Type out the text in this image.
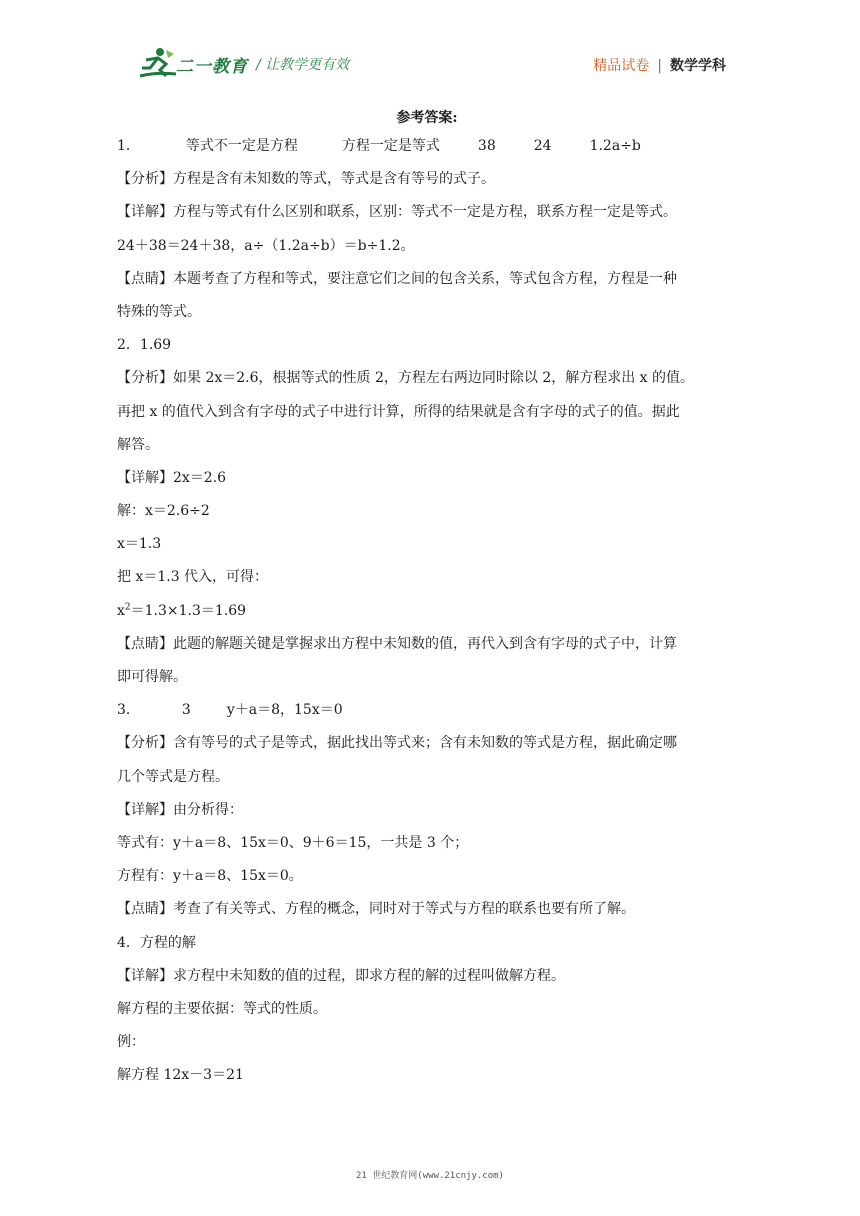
二一教育 / 让教学更有效	精品试卷 | 数学学科
参考答案:
1．	等式不一定是方程	方程一定是等式	38	24	1.2a÷b
【分析】方程是含有未知数的等式，等式是含有等号的式子。
【详解】方程与等式有什么区别和联系，区别：等式不一定是方程，联系方程一定是等式。
24＋38＝24＋38，a÷（1.2a÷b）＝b÷1.2。
【点睛】本题考查了方程和等式，要注意它们之间的包含关系，等式包含方程，方程是一种
特殊的等式。
2．1.69
【分析】如果 2x＝2.6，根据等式的性质 2，方程左右两边同时除以 2，解方程求出 x 的值。
再把 x 的值代入到含有字母的式子中进行计算，所得的结果就是含有字母的式子的值。据此
解答。
【详解】2x＝2.6
解：x＝2.6÷2
x＝1.3
把 x＝1.3 代入，可得：
$x^2=1.3\times 1.3=1.69$
【点睛】此题的解题关键是掌握求出方程中未知数的值，再代入到含有字母的式子中，计算
即可得解。
3．	3	y＋a＝8，15x＝0
【分析】含有等号的式子是等式，据此找出等式来；含有未知数的等式是方程，据此确定哪
几个等式是方程。
【详解】由分析得：
等式有：y＋a＝8、15x＝0、9＋6＝15，一共是 3 个；
方程有：y＋a＝8、15x＝0。
【点睛】考查了有关等式、方程的概念，同时对于等式与方程的联系也要有所了解。
4．方程的解
【详解】求方程中未知数的值的过程，即求方程的解的过程叫做解方程。
解方程的主要依据：等式的性质。
例：
解方程 12x－3＝21
21 世纪教育网(www.21cnjy.com)
